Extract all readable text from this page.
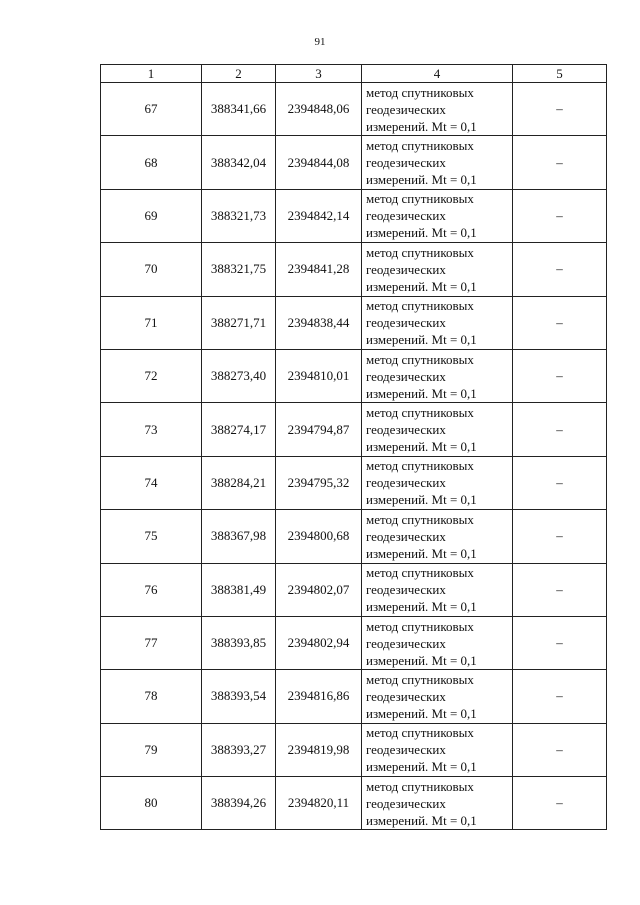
91
1	2	3	4	5
67	388341,66	2394848,06	метод спутниковых
геодезических
измерений. Mt = 0,1	–
68	388342,04	2394844,08	метод спутниковых
геодезических
измерений. Mt = 0,1	–
69	388321,73	2394842,14	метод спутниковых
геодезических
измерений. Mt = 0,1	–
70	388321,75	2394841,28	метод спутниковых
геодезических
измерений. Mt = 0,1	–
71	388271,71	2394838,44	метод спутниковых
геодезических
измерений. Mt = 0,1	–
72	388273,40	2394810,01	метод спутниковых
геодезических
измерений. Mt = 0,1	–
73	388274,17	2394794,87	метод спутниковых
геодезических
измерений. Mt = 0,1	–
74	388284,21	2394795,32	метод спутниковых
геодезических
измерений. Mt = 0,1	–
75	388367,98	2394800,68	метод спутниковых
геодезических
измерений. Mt = 0,1	–
76	388381,49	2394802,07	метод спутниковых
геодезических
измерений. Mt = 0,1	–
77	388393,85	2394802,94	метод спутниковых
геодезических
измерений. Mt = 0,1	–
78	388393,54	2394816,86	метод спутниковых
геодезических
измерений. Mt = 0,1	–
79	388393,27	2394819,98	метод спутниковых
геодезических
измерений. Mt = 0,1	–
80	388394,26	2394820,11	метод спутниковых
геодезических
измерений. Mt = 0,1	–
